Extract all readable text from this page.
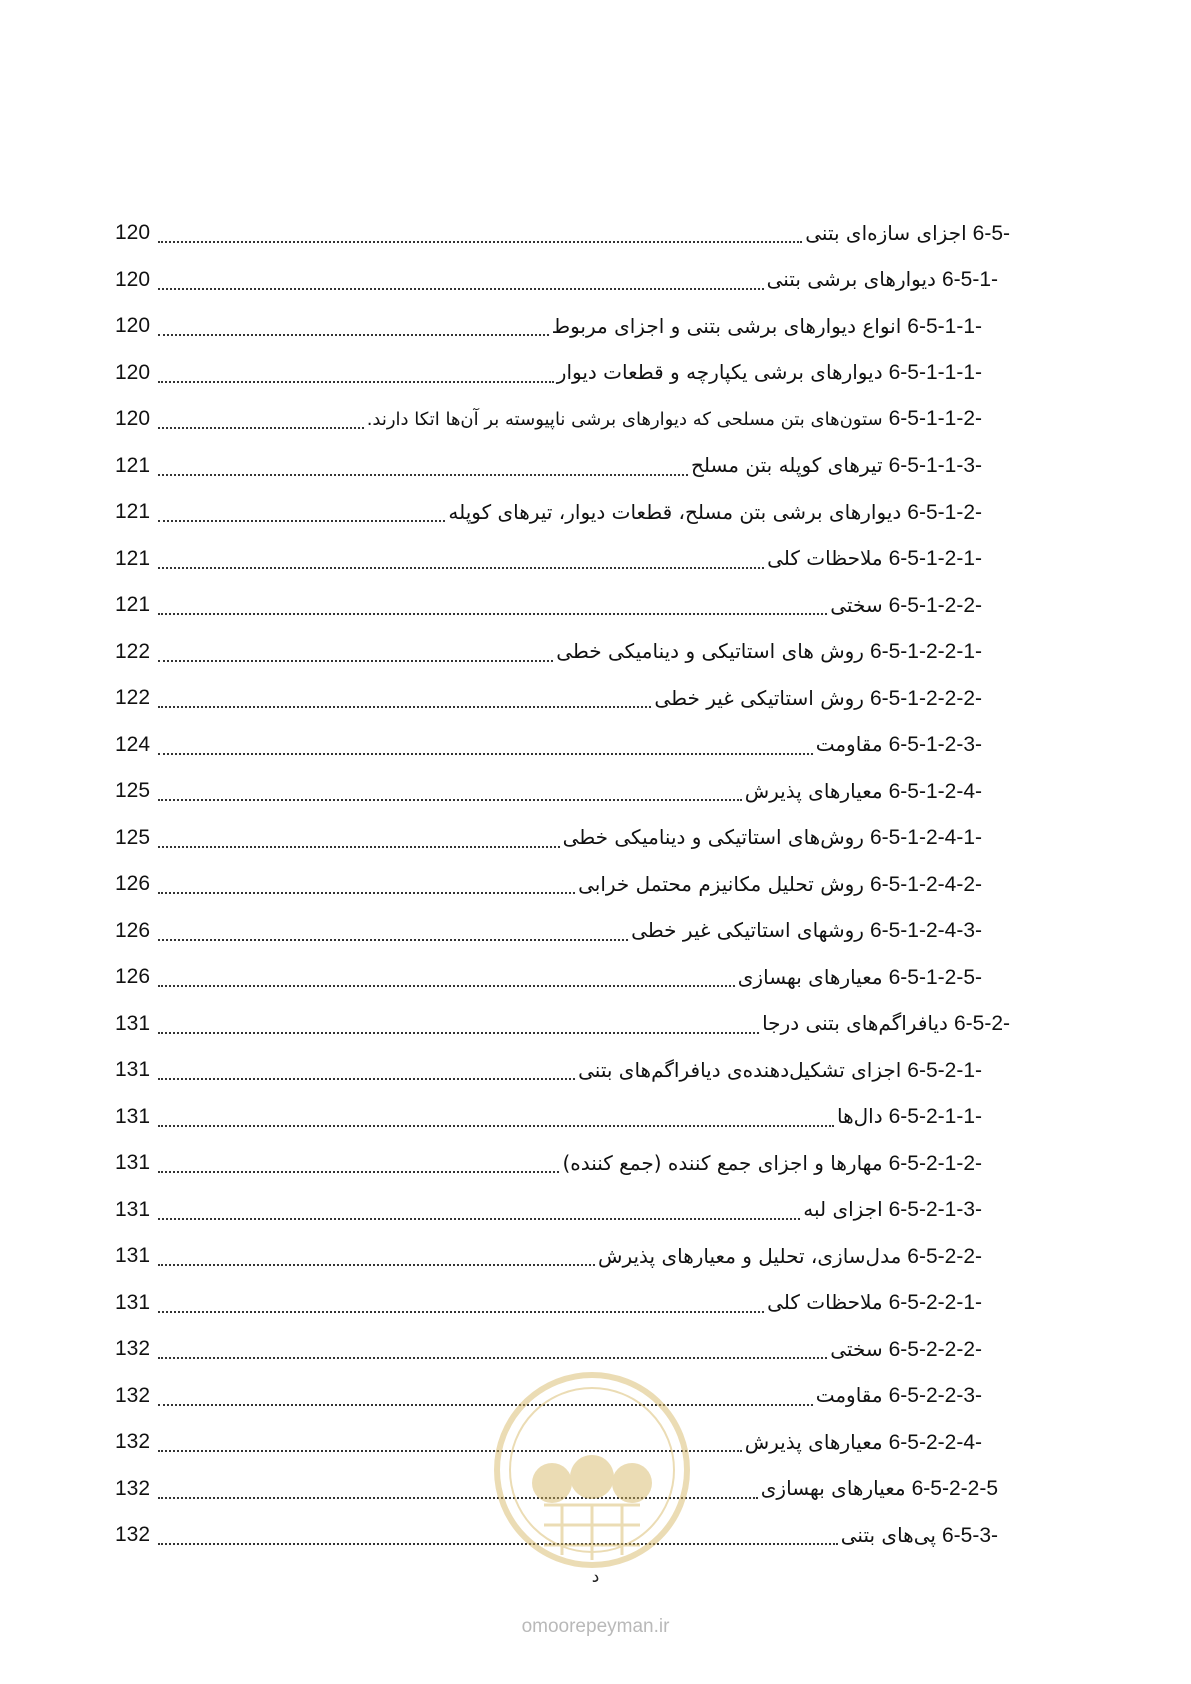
6-5-
اجزای سازه‌ای بتنی
120
6-5-1-
دیوارهای برشی بتنی
120
6-5-1-1-
انواع دیوارهای برشی بتنی و اجزای مربوط
120
6-5-1-1-1-
دیوارهای برشی یکپارچه و قطعات دیوار
120
6-5-1-1-2-
ستون‌های بتن مسلحی که دیوارهای برشی ناپیوسته بر آن‌ها اتکا دارند.
120
6-5-1-1-3-
تیرهای کوپله بتن مسلح
121
6-5-1-2-
دیوارهای برشی بتن مسلح، قطعات دیوار، تیرهای کوپله
121
6-5-1-2-1-
ملاحظات کلی
121
6-5-1-2-2-
سختی
121
6-5-1-2-2-1-
روش های استاتیکی و دینامیکی خطی
122
6-5-1-2-2-2-
روش استاتیکی غیر خطی
122
6-5-1-2-3-
مقاومت
124
6-5-1-2-4-
معیارهای پذیرش
125
6-5-1-2-4-1-
روش‌های استاتیکی و دینامیکی خطی
125
6-5-1-2-4-2-
روش تحلیل مکانیزم محتمل خرابی
126
6-5-1-2-4-3-
روشهای استاتیکی غیر خطی
126
6-5-1-2-5-
معیارهای بهسازی
126
6-5-2-
دیافراگم‌های بتنی درجا
131
6-5-2-1-
اجزای تشکیل‌دهنده‌ی دیافراگم‌های بتنی
131
6-5-2-1-1-
دال‌ها
131
6-5-2-1-2-
مهارها و اجزای جمع کننده (جمع کننده)
131
6-5-2-1-3-
اجزای لبه
131
6-5-2-2-
مدل‌سازی، تحلیل و معیارهای پذیرش
131
6-5-2-2-1-
ملاحظات کلی
131
6-5-2-2-2-
سختی
132
6-5-2-2-3-
مقاومت
132
6-5-2-2-4-
معیارهای پذیرش
132
6-5-2-2-5
معیارهای بهسازی
132
6-5-3-
پی‌های بتنی
132
د
omoorepeyman.ir
